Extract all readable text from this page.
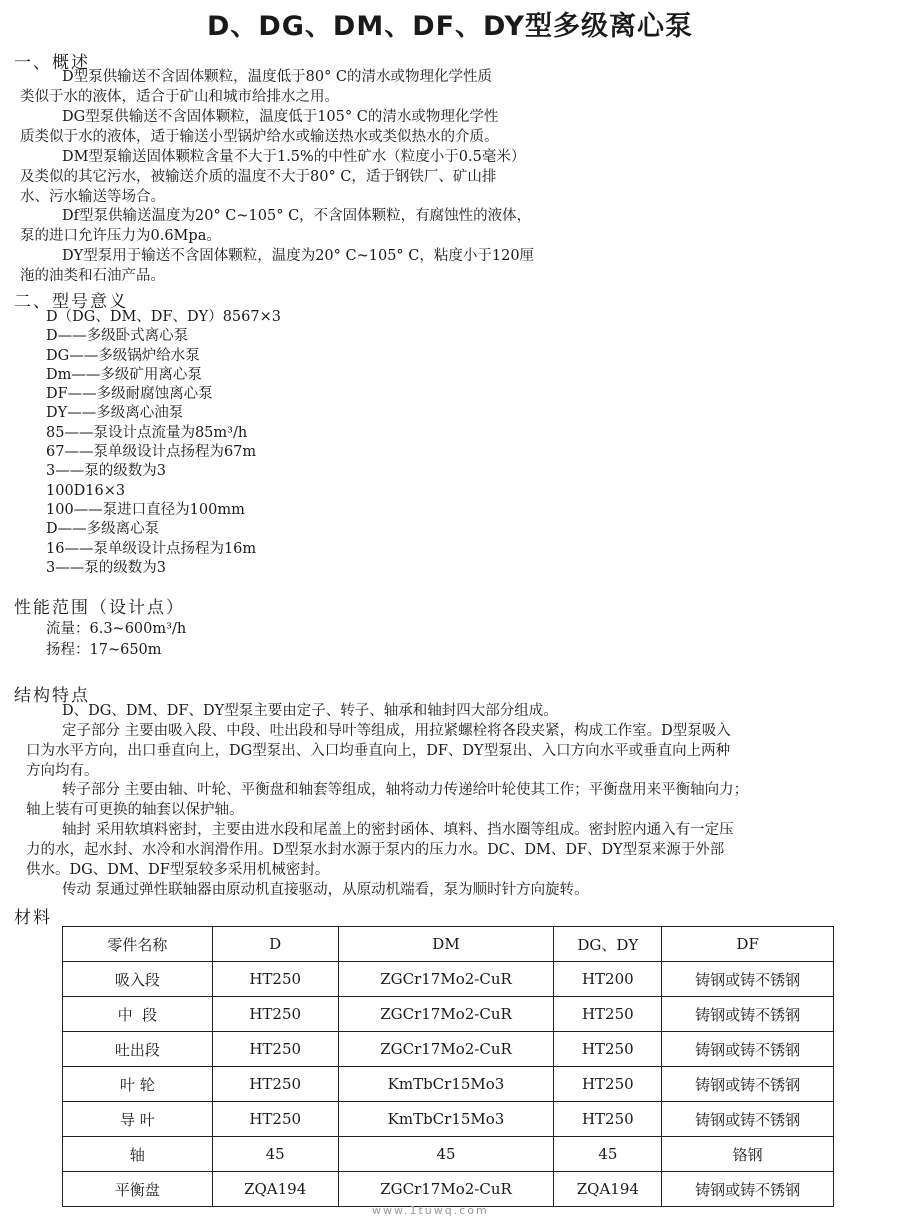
D、DG、DM、DF、DY型多级离心泵
一、概述
D型泵供输送不含固体颗粒，温度低于80° C的清水或物理化学性质
类似于水的液体，适合于矿山和城市给排水之用。
DG型泵供输送不含固体颗粒，温度低于105° C的清水或物理化学性
质类似于水的液体，适于输送小型锅炉给水或输送热水或类似热水的介质。
DM型泵输送固体颗粒含量不大于1.5%的中性矿水（粒度小于0.5毫米）
及类似的其它污水，被输送介质的温度不大于80° C，适于钢铁厂、矿山排
水、污水输送等场合。
Df型泵供输送温度为20° C~105° C，不含固体颗粒，有腐蚀性的液体，
泵的进口允许压力为0.6Mpa。
DY型泵用于输送不含固体颗粒，温度为20° C~105° C，粘度小于120厘
沲的油类和石油产品。
二、型号意义
D（DG、DM、DF、DY）8567×3
D——多级卧式离心泵
DG——多级锅炉给水泵
Dm——多级矿用离心泵
DF——多级耐腐蚀离心泵
DY——多级离心油泵
85——泵设计点流量为85m³/h
67——泵单级设计点扬程为67m
3——泵的级数为3
100D16×3
100——泵进口直径为100mm
D——多级离心泵
16——泵单级设计点扬程为16m
3——泵的级数为3
性能范围（设计点）
流量：6.3~600m³/h
扬程：17~650m
结构特点
D、DG、DM、DF、DY型泵主要由定子、转子、轴承和轴封四大部分组成。
定子部分 主要由吸入段、中段、吐出段和导叶等组成，用拉紧螺栓将各段夹紧，构成工作室。D型泵吸入
口为水平方向，出口垂直向上，DG型泵出、入口均垂直向上，DF、DY型泵出、入口方向水平或垂直向上两种
方向均有。
转子部分 主要由轴、叶轮、平衡盘和轴套等组成，轴将动力传递给叶轮使其工作；平衡盘用来平衡轴向力；
轴上装有可更换的轴套以保护轴。
轴封 采用软填料密封，主要由进水段和尾盖上的密封函体、填料、挡水圈等组成。密封腔内通入有一定压
力的水，起水封、水冷和水润滑作用。D型泵水封水源于泵内的压力水。DC、DM、DF、DY型泵来源于外部
供水。DG、DM、DF型泵较多采用机械密封。
传动 泵通过弹性联轴器由原动机直接驱动，从原动机端看，泵为顺时针方向旋转。
材料
零件名称	D	DM	DG、DY	DF
吸入段	HT250	ZGCr17Mo2-CuR	HT200	铸钢或铸不锈钢
中  段	HT250	ZGCr17Mo2-CuR	HT250	铸钢或铸不锈钢
吐出段	HT250	ZGCr17Mo2-CuR	HT250	铸钢或铸不锈钢
叶 轮	HT250	KmTbCr15Mo3	HT250	铸钢或铸不锈钢
导 叶	HT250	KmTbCr15Mo3	HT250	铸钢或铸不锈钢
轴	45	45	45	铬钢
平衡盘	ZQA194	ZGCr17Mo2-CuR	ZQA194	铸钢或铸不锈钢
www.1tuwq.com
